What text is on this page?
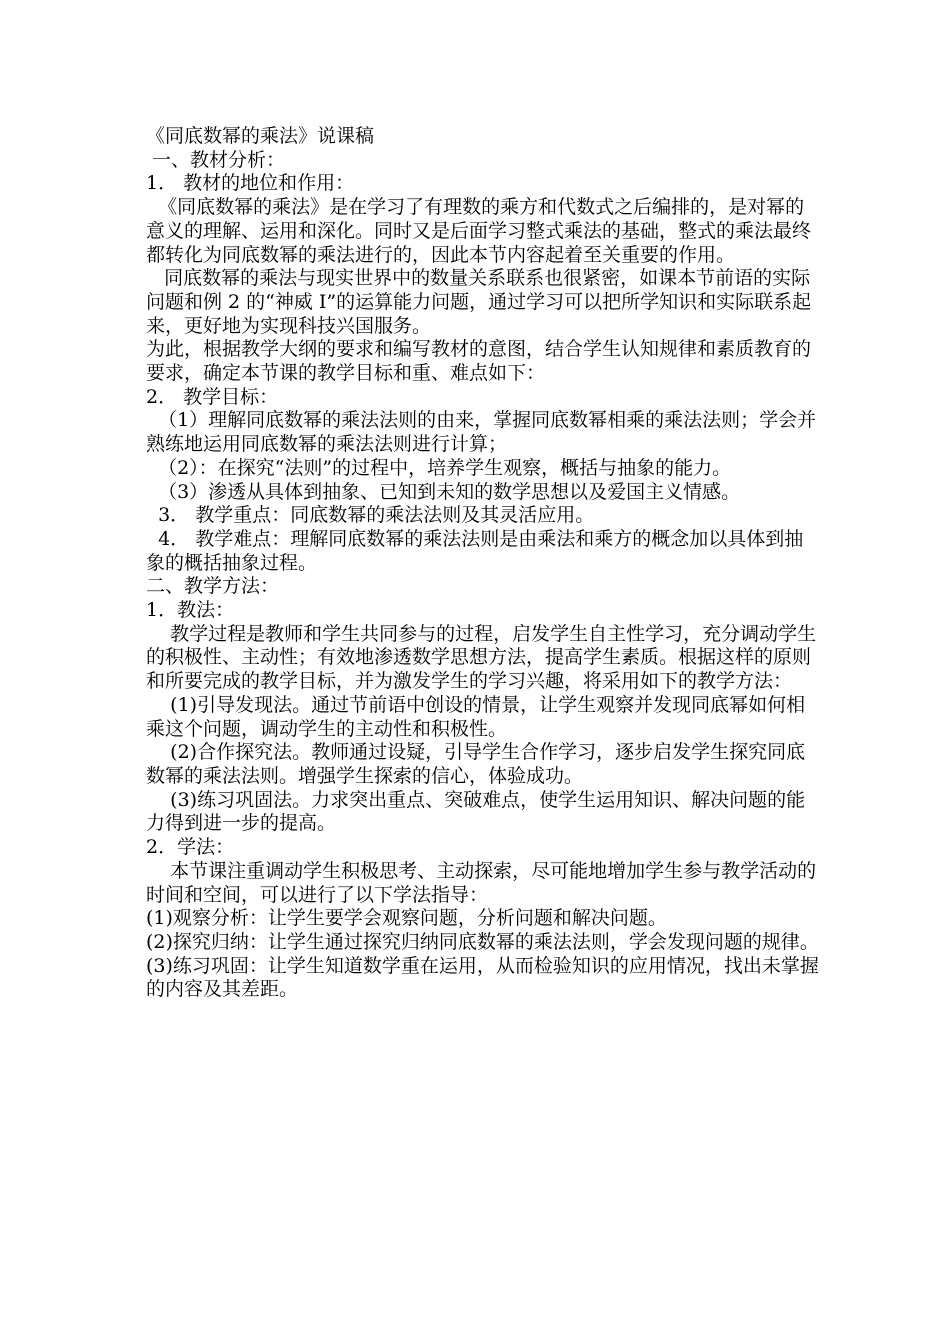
《同底数幂的乘法》说课稿

一、教材分析：

1． 教材的地位和作用：

《同底数幂的乘法》是在学习了有理数的乘方和代数式之后编排的，是对幂的意义的理解、运用和深化。同时又是后面学习整式乘法的基础，整式的乘法最终都转化为同底数幂的乘法进行的，因此本节内容起着至关重要的作用。

同底数幂的乘法与现实世界中的数量关系联系也很紧密，如课本节前语的实际问题和例 2 的“神威 I”的运算能力问题，通过学习可以把所学知识和实际联系起来，更好地为实现科技兴国服务。

为此，根据教学大纲的要求和编写教材的意图，结合学生认知规律和素质教育的要求，确定本节课的教学目标和重、难点如下：

2． 教学目标：

（1）理解同底数幂的乘法法则的由来，掌握同底数幂相乘的乘法法则；学会并熟练地运用同底数幂的乘法法则进行计算；

（2）：在探究“法则”的过程中，培养学生观察，概括与抽象的能力。

（3）渗透从具体到抽象、已知到未知的数学思想以及爱国主义情感。

3． 教学重点：同底数幂的乘法法则及其灵活应用。

4． 教学难点：理解同底数幂的乘法法则是由乘法和乘方的概念加以具体到抽象的概括抽象过程。

二、教学方法：

1．教法：

教学过程是教师和学生共同参与的过程，启发学生自主性学习，充分调动学生的积极性、主动性；有效地渗透数学思想方法，提高学生素质。根据这样的原则和所要完成的教学目标，并为激发学生的学习兴趣，将采用如下的教学方法：

(1)引导发现法。通过节前语中创设的情景，让学生观察并发现同底幂如何相乘这个问题，调动学生的主动性和积极性。

(2)合作探究法。教师通过设疑，引导学生合作学习，逐步启发学生探究同底数幂的乘法法则。增强学生探索的信心，体验成功。

(3)练习巩固法。力求突出重点、突破难点，使学生运用知识、解决问题的能力得到进一步的提高。

2．学法：

本节课注重调动学生积极思考、主动探索，尽可能地增加学生参与教学活动的时间和空间，可以进行了以下学法指导：

(1)观察分析：让学生要学会观察问题，分析问题和解决问题。

(2)探究归纳：让学生通过探究归纳同底数幂的乘法法则，学会发现问题的规律。

(3)练习巩固：让学生知道数学重在运用，从而检验知识的应用情况，找出未掌握的内容及其差距。
